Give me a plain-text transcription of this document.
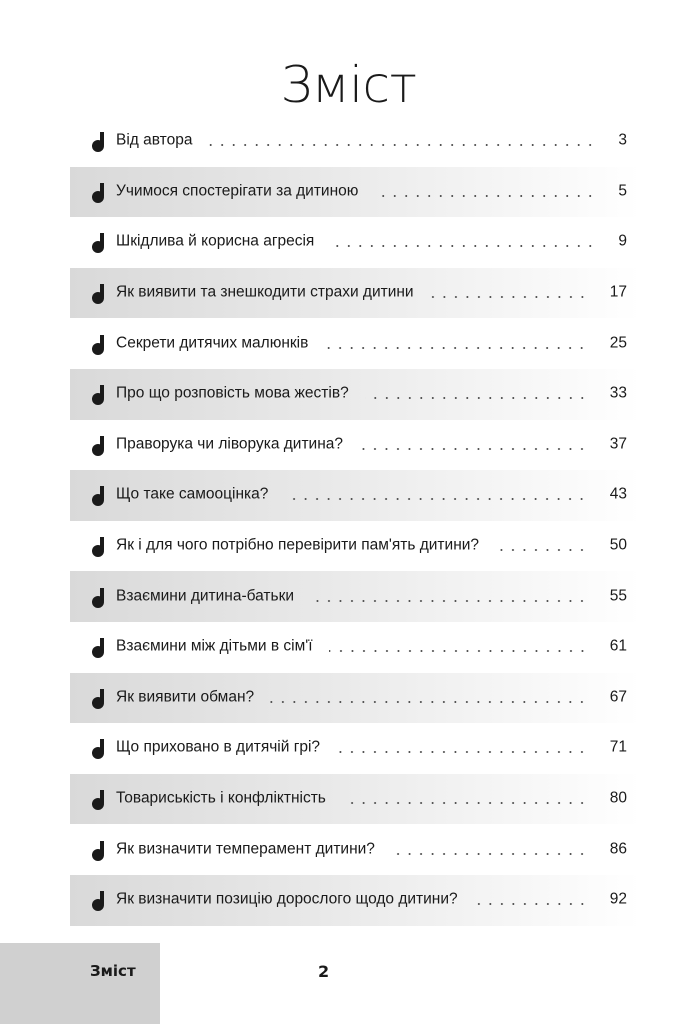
Зміст
Від автора	3
Учимося спостерігати за дитиною	5
Шкідлива й корисна агресія	9
Як виявити та знешкодити страхи дитини	17
Секрети дитячих малюнків	25
Про що розповість мова жестів?	33
Праворука чи ліворука дитина?	37
Що таке самооцінка?	43
Як і для чого потрібно перевірити пам'ять дитини?	50
Взаємини дитина-батьки	55
Взаємини між дітьми в сім'ї	61
Як виявити обман?	67
Що приховано в дитячій грі?	71
Товариськість і конфліктність	80
Як визначити темперамент дитини?	86
Як визначити позицію дорослого щодо дитини?	92
Зміст	2
